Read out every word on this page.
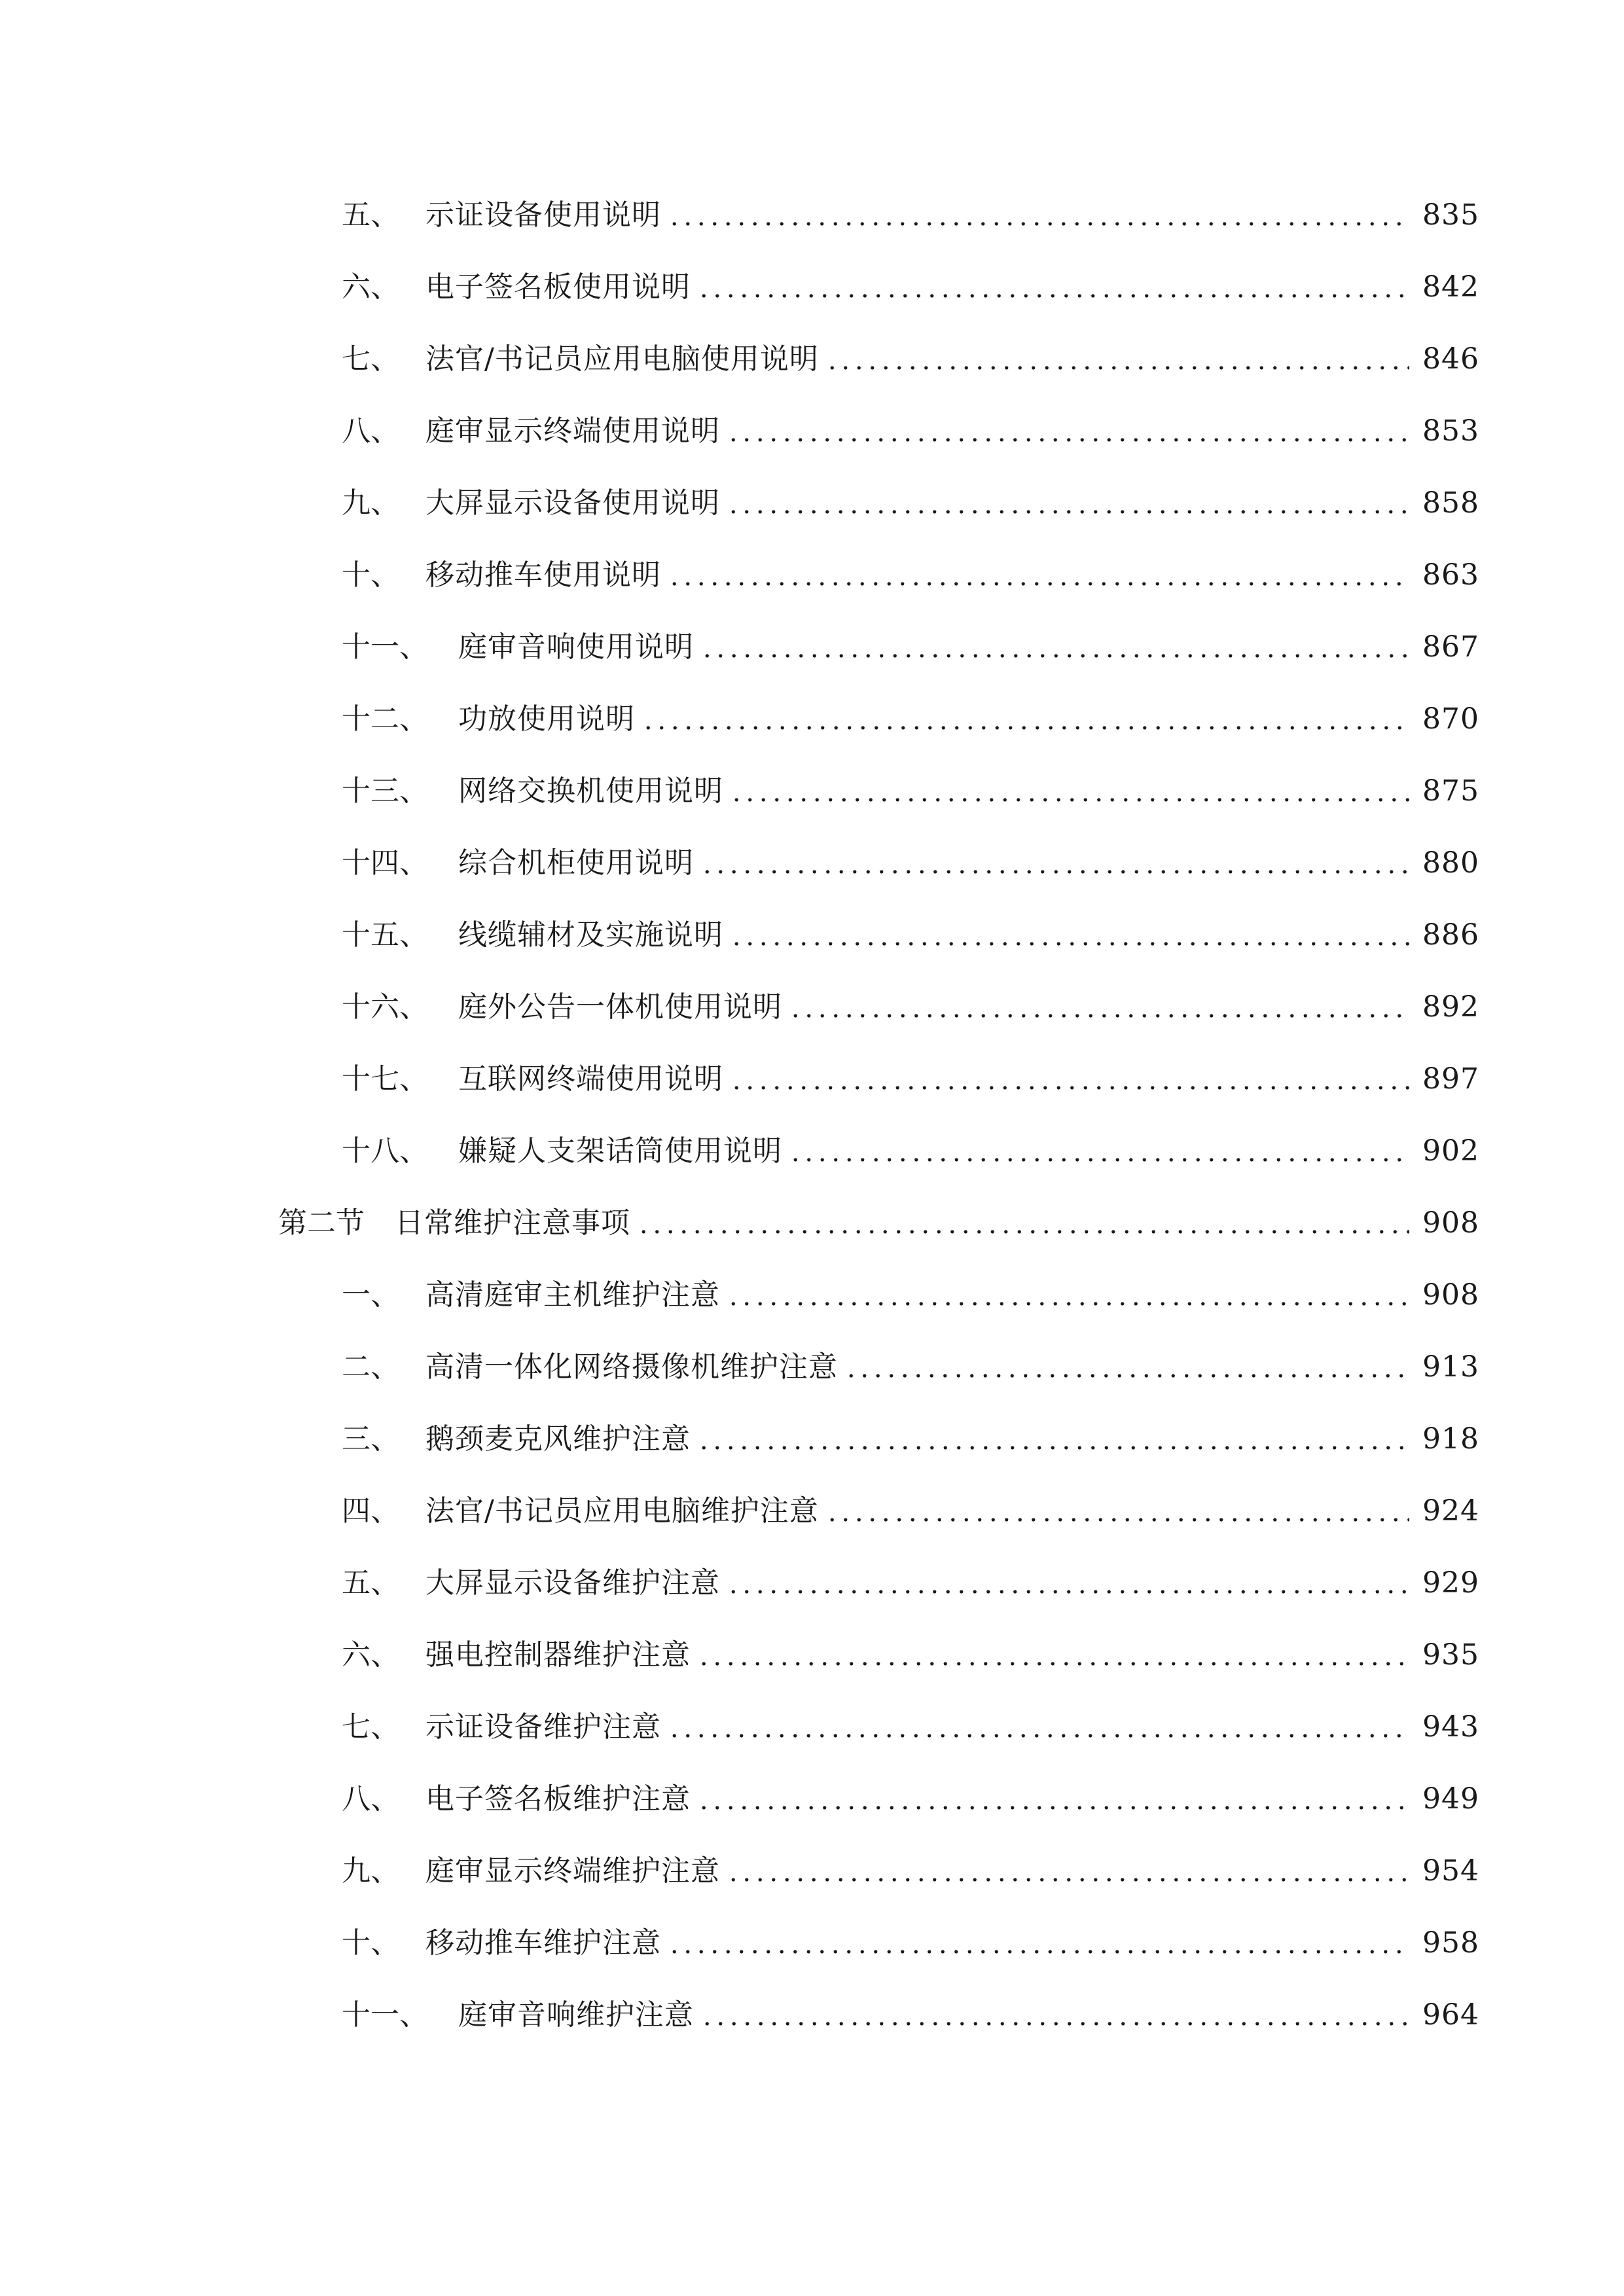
五、 示证设备使用说明	835
六、 电子签名板使用说明	842
七、 法官/书记员应用电脑使用说明	846
八、 庭审显示终端使用说明	853
九、 大屏显示设备使用说明	858
十、 移动推车使用说明	863
十一、	庭审音响使用说明	867
十二、	功放使用说明	870
十三、	网络交换机使用说明	875
十四、	综合机柜使用说明	880
十五、	线缆辅材及实施说明	886
十六、	庭外公告一体机使用说明	892
十七、	互联网终端使用说明	897
十八、	嫌疑人支架话筒使用说明	902
第二节	日常维护注意事项	908
一、 高清庭审主机维护注意	908
二、 高清一体化网络摄像机维护注意	913
三、 鹅颈麦克风维护注意	918
四、 法官/书记员应用电脑维护注意	924
五、 大屏显示设备维护注意	929
六、 强电控制器维护注意	935
七、 示证设备维护注意	943
八、 电子签名板维护注意	949
九、 庭审显示终端维护注意	954
十、 移动推车维护注意	958
十一、	庭审音响维护注意	964
